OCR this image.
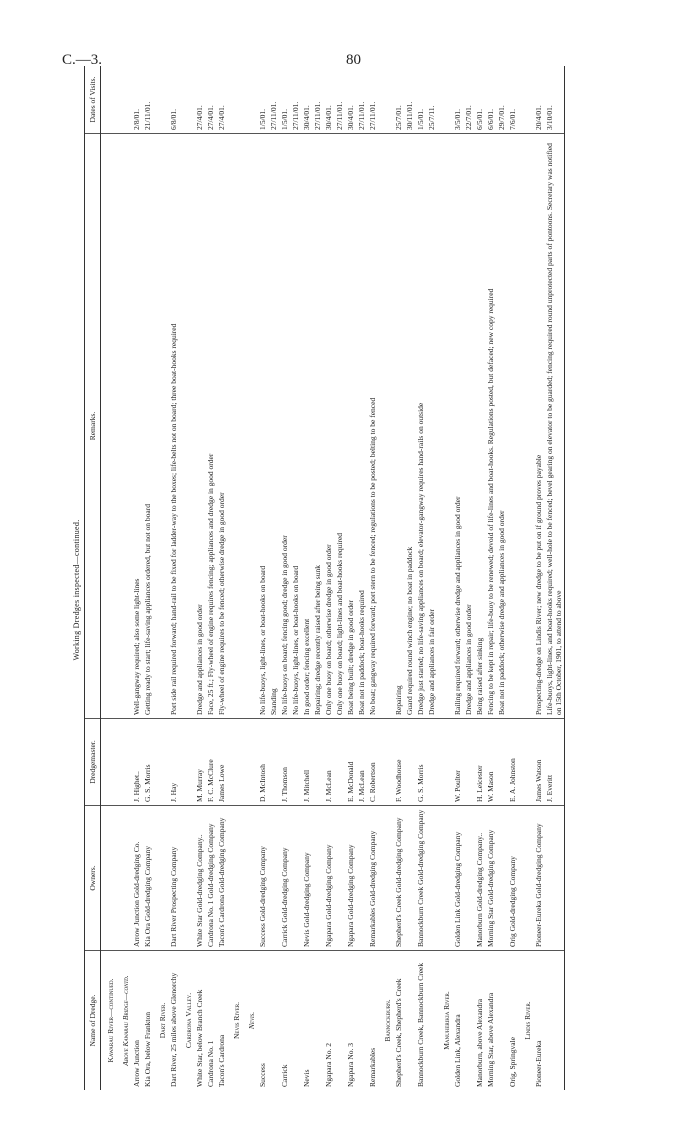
C.—3.	80
Working Dredges inspected—continued.
Name of Dredge.	Owners.	Dredgemaster.	Remarks.	Dates of Visits.
Kawarau River—continued.				
Above Kawarau Bridge—contd.				
Arrow Junction	Arrow Junction Gold-dredging Co.	J. Highet..	Well-gangway required; also some light-lines	2/8/01.
Kia Ora, below Frankton	Kia Ora Gold-dredging Company	G. S. Morris	Getting ready to start; life-saving appliances ordered, but not on board	21/11/01.
Dart River.				
Dart River, 25 miles above Glenorchy	Dart River Prospecting Company	J. Hay	Port side rail required forward; hand-rail to be fixed for ladder-way to the boxes; life-belts not on board; three boat-hooks required	6/8/01.
Cardrona Valley.				
White Star, below Branch Creek	White Star Gold-dredging Company..	M. Murray	Dredge and appliances in good order	27/4/01.
Cardrona No. 1	Cardrona No. 1 Gold-dredging Company	F. C. McClure	Face, 25 ft.; Fly-wheel of engine requires fencing; appliances and dredge in good order	27/4/01.
Tacon's Cardrona	Tacon's Cardrona Gold-dredging Company	James Lowe	Fly-wheel of engine requires to be fenced; otherwise dredge in good order	27/4/01.
Nevis River.				
Nevis.				
Success	Success Gold-dredging Company	D. McIntosh	No life-buoys, light-lines, or boat-hooks on board	1/5/01.
			Standing	27/11/01.
Carrick	Carrick Gold-dredging Company	J. Thomson	No life-buoys on board; fencing good; dredge in good order	1/5/01.
			No life-buoys, light-lines, or boat-hooks on board	27/11/01.
Nevis	Nevis Gold-dredging Company	J. Mitchell	In good order; fencing excellent	30/4/01.
			Repairing; dredge recently raised after being sunk	27/11/01.
Ngapara No. 2	Ngapara Gold-dredging Company	J. McLean	Only one buoy on board; otherwise dredge in good order	30/4/01.
			Only one buoy on board; light-lines and boat-hooks required	27/11/01.
Ngapara No. 3	Ngapara Gold-dredging Company	E. McDonald	Boat being built; dredge in good order	30/4/01.
		J. McLean	Boat not in paddock; boat-hooks required	27/11/01.
Remarkables	Remarkables Gold-dredging Company	C. Robertson	No boat; gangway required forward; port stern to be fenced; regulations to be posted; belting to be fenced	27/11/01.
Bannockburn.				
Shepherd's Creek, Shepherd's Creek	Shepherd's Creek Gold-dredging Company	F. Woodhouse	Repairing	25/7/01.
			Guard required round winch engine; no boat in paddock	30/11/01.
Bannockburn Creek, Bannockburn Creek	Bannockburn Creek Gold-dredging Company	G. S. Morris	Dredge just started; no life-saving appliances on board; elevator-gangway requires hand-rails on outside	1/5/01.
			Dredge and appliances in fair order	25/7/11.
Manuherikia River.				
Golden Link, Alexandra	Golden Link Gold-dredging Company	W. Poulter	Railing required forward; otherwise dredge and appliances in good order	3/5/01.
			Dredge and appliances in good order	22/7/01.
Manorburn, above Alexandra	Manorburn Gold-dredging Company..	H. Leicester	Being raised after sinking	6/5/01.
Morning Star, above Alexandra	Morning Star Gold-dredging Company	W. Mason	Fencing to be kept in repair; life-buoy to be renewed; devoid of life-lines and boat-hooks. Regulations posted, but defaced; new copy required	6/6/01.
			Boat not in paddock; otherwise dredge and appliances in good order	29/7/01.
Orig, Springvale	Orig Gold-dredging Company	E. A. Johnston		7/6/01.
Lindis River.				
Pioneer-Eureka	Pioneer-Eureka Gold-dredging Company	James Watson	Prospecting-dredge on Lindis River; new dredge to be put on if ground proves payable	20/4/01.
		J. Everitt	Life-buoys, light-lines, and boat-hooks required; well-hole to be fenced; bevel gearing on elevator to be guarded; fencing required round unprotected parts of pontoons. Secretary was notified on 15th October, 1901, to attend to above	3/10/01.
